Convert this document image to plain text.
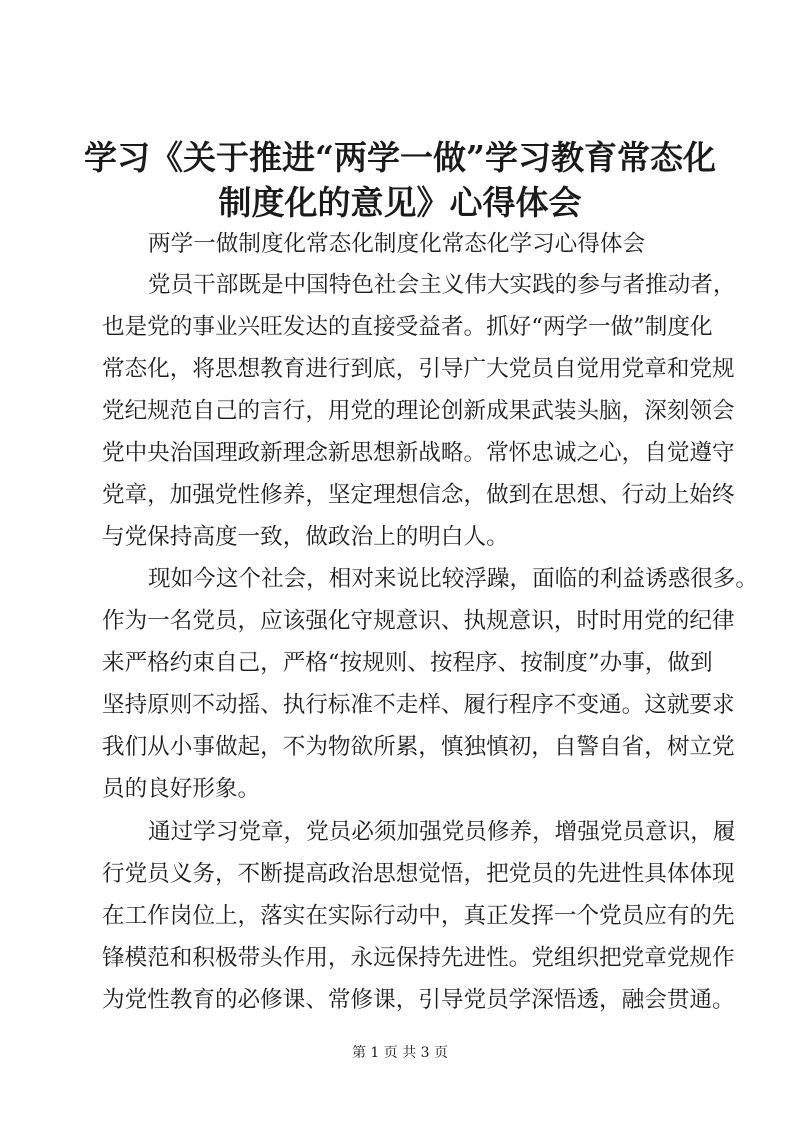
学习《关于推进“两学一做”学习教育常态化
制度化的意见》心得体会

两学一做制度化常态化制度化常态化学习心得体会

党员干部既是中国特色社会主义伟大实践的参与者推动者，

也是党的事业兴旺发达的直接受益者。抓好“两学一做”制度化

常态化，将思想教育进行到底，引导广大党员自觉用党章和党规

党纪规范自己的言行，用党的理论创新成果武装头脑，深刻领会

党中央治国理政新理念新思想新战略。常怀忠诚之心，自觉遵守

党章，加强党性修养，坚定理想信念，做到在思想、行动上始终

与党保持高度一致，做政治上的明白人。

现如今这个社会，相对来说比较浮躁，面临的利益诱惑很多。

作为一名党员，应该强化守规意识、执规意识，时时用党的纪律

来严格约束自己，严格“按规则、按程序、按制度”办事，做到

坚持原则不动摇、执行标准不走样、履行程序不变通。这就要求

我们从小事做起，不为物欲所累，慎独慎初，自警自省，树立党

员的良好形象。

通过学习党章，党员必须加强党员修养，增强党员意识，履

行党员义务，不断提高政治思想觉悟，把党员的先进性具体体现

在工作岗位上，落实在实际行动中，真正发挥一个党员应有的先

锋模范和积极带头作用，永远保持先进性。党组织把党章党规作

为党性教育的必修课、常修课，引导党员学深悟透，融会贯通。

第 1 页 共 3 页
